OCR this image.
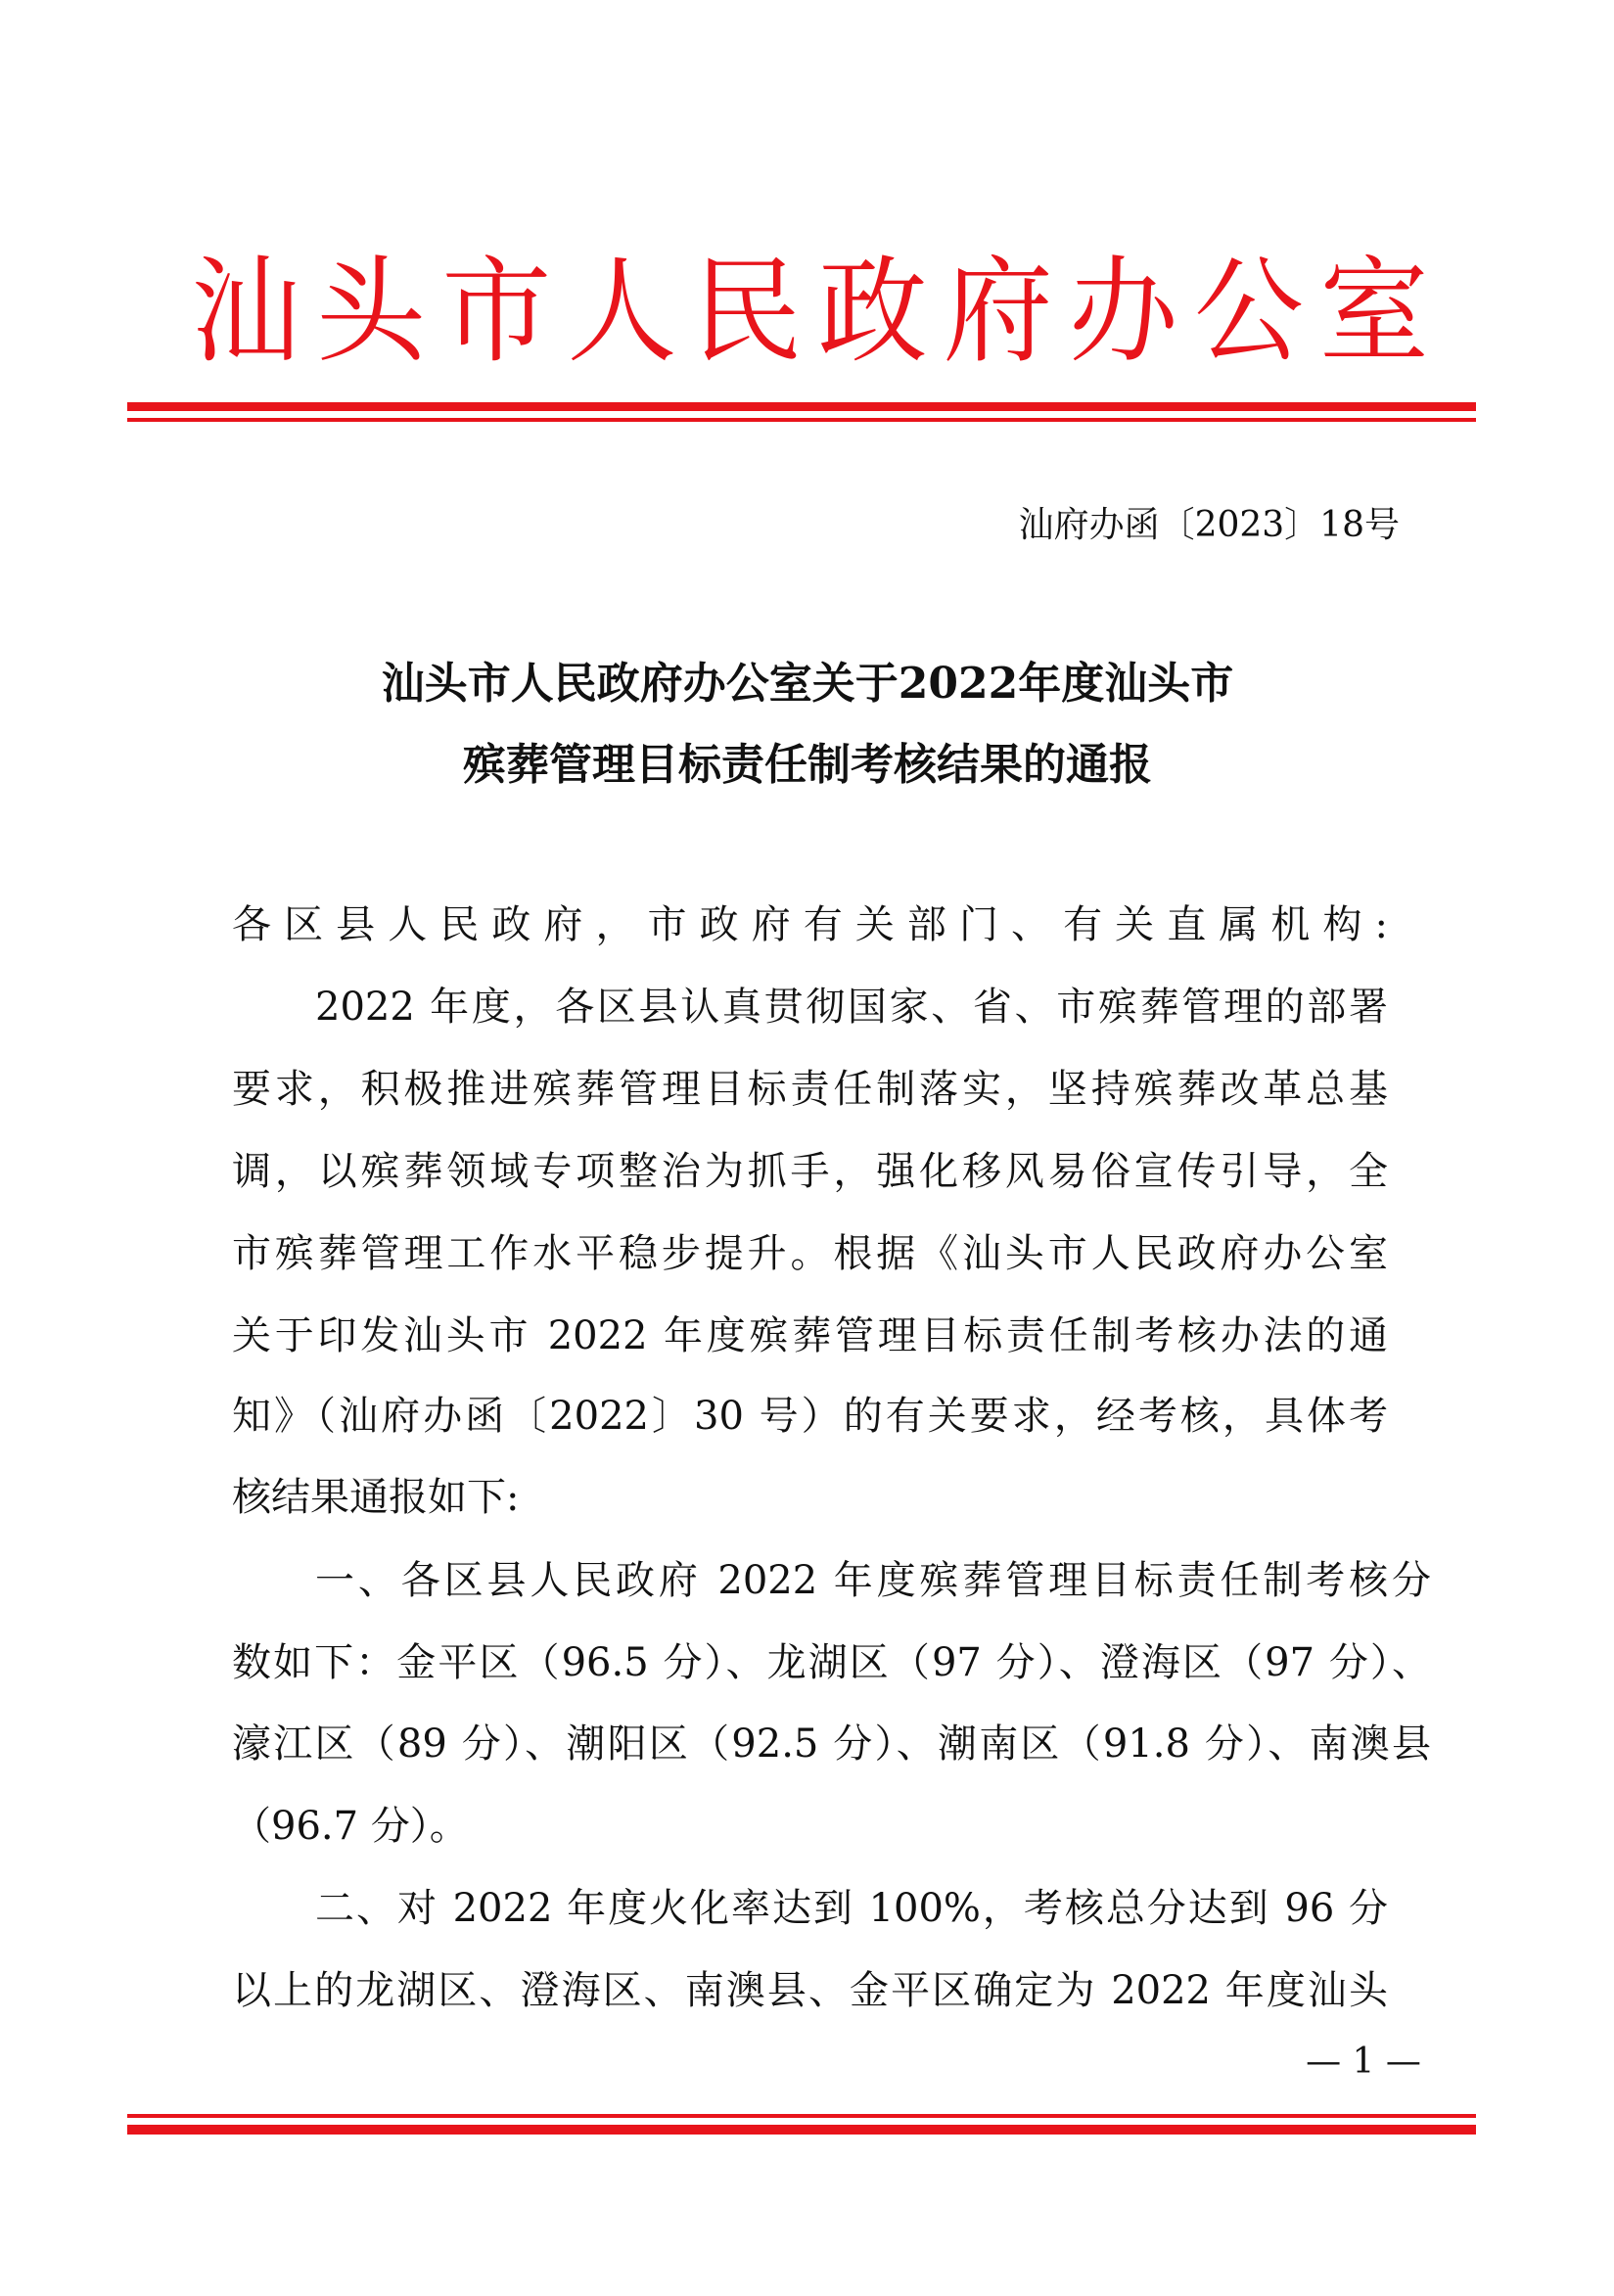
汕头市人民政府办公室
汕府办函〔2023〕18号
汕头市人民政府办公室关于2022年度汕头市
殡葬管理目标责任制考核结果的通报
各区县人民政府，市政府有关部门、有关直属机构:
2022 年度，各区县认真贯彻国家、省、市殡葬管理的部署
要求，积极推进殡葬管理目标责任制落实，坚持殡葬改革总基
调，以殡葬领域专项整治为抓手，强化移风易俗宣传引导，全
市殡葬管理工作水平稳步提升。根据《汕头市人民政府办公室
关于印发汕头市 2022 年度殡葬管理目标责任制考核办法的通
知》（汕府办函〔2022〕30 号）的有关要求，经考核，具体考
核结果通报如下:
一、各区县人民政府 2022 年度殡葬管理目标责任制考核分
数如下：金平区（96.5 分）、龙湖区（97 分）、澄海区（97 分）、
濠江区（89 分）、潮阳区（92.5 分）、潮南区（91.8 分）、南澳县
（96.7 分）。
二、对 2022 年度火化率达到 100%，考核总分达到 96 分
以上的龙湖区、澄海区、南澳县、金平区确定为 2022 年度汕头
— 1 —
